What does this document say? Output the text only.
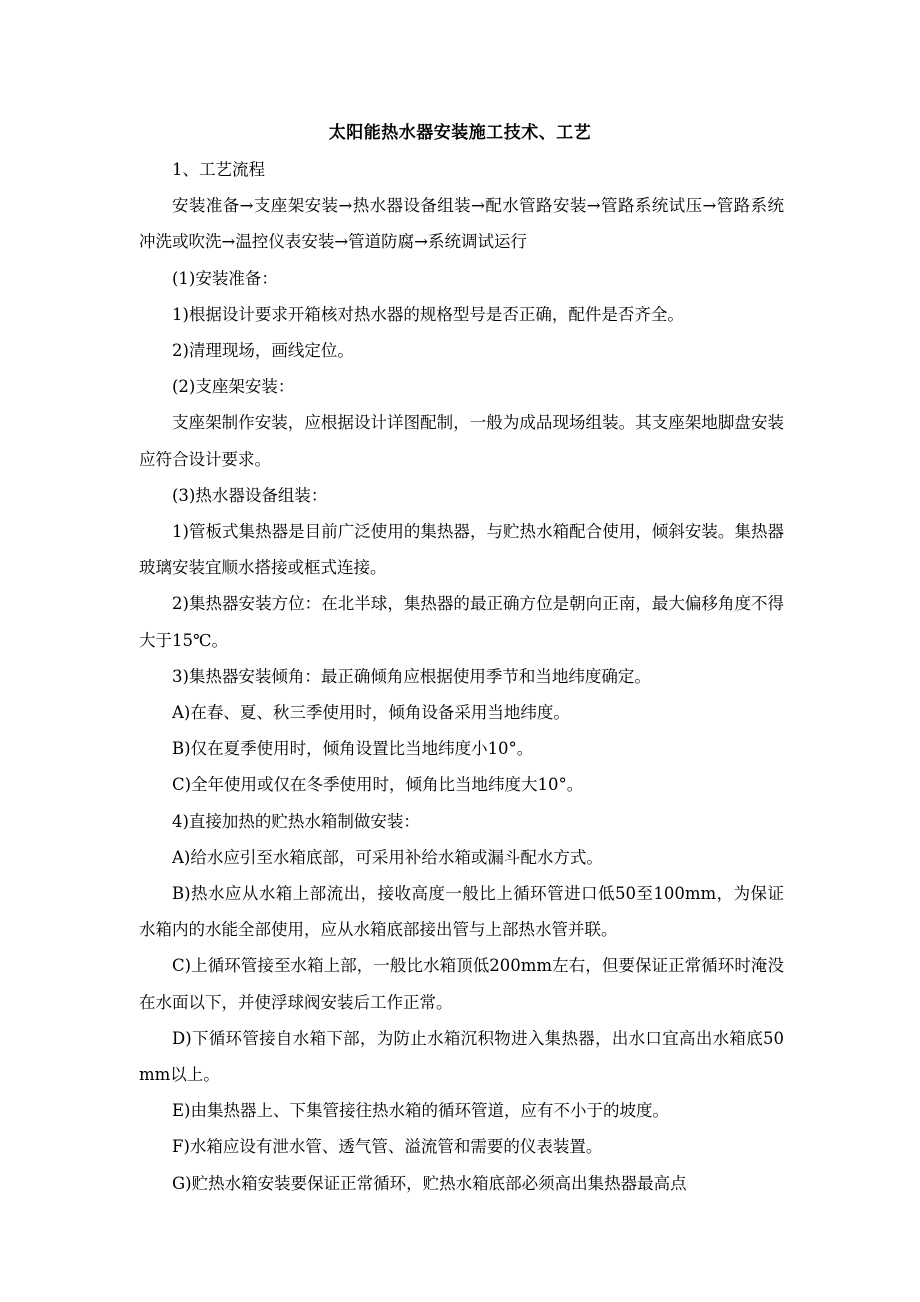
太阳能热水器安装施工技术、工艺

1、工艺流程

安装准备→支座架安装→热水器设备组装→配水管路安装→管路系统试压→管路系统冲洗或吹洗→温控仪表安装→管道防腐→系统调试运行

(1)安装准备：

1)根据设计要求开箱核对热水器的规格型号是否正确，配件是否齐全。

2)清理现场，画线定位。

(2)支座架安装：

支座架制作安装，应根据设计详图配制，一般为成品现场组装。其支座架地脚盘安装应符合设计要求。

(3)热水器设备组装：

1)管板式集热器是目前广泛使用的集热器，与贮热水箱配合使用，倾斜安装。集热器玻璃安装宜顺水搭接或框式连接。

2)集热器安装方位：在北半球，集热器的最正确方位是朝向正南，最大偏移角度不得大于15℃。

3)集热器安装倾角：最正确倾角应根据使用季节和当地纬度确定。

A)在春、夏、秋三季使用时，倾角设备采用当地纬度。

B)仅在夏季使用时，倾角设置比当地纬度小10°。

C)全年使用或仅在冬季使用时，倾角比当地纬度大10°。

4)直接加热的贮热水箱制做安装：

A)给水应引至水箱底部，可采用补给水箱或漏斗配水方式。

B)热水应从水箱上部流出，接收高度一般比上循环管进口低50至100mm，为保证水箱内的水能全部使用，应从水箱底部接出管与上部热水管并联。

C)上循环管接至水箱上部，一般比水箱顶低200mm左右，但要保证正常循环时淹没在水面以下，并使浮球阀安装后工作正常。

D)下循环管接自水箱下部，为防止水箱沉积物进入集热器，出水口宜高出水箱底50mm以上。

E)由集热器上、下集管接往热水箱的循环管道，应有不小于的坡度。

F)水箱应设有泄水管、透气管、溢流管和需要的仪表装置。

G)贮热水箱安装要保证正常循环，贮热水箱底部必须高出集热器最高点
